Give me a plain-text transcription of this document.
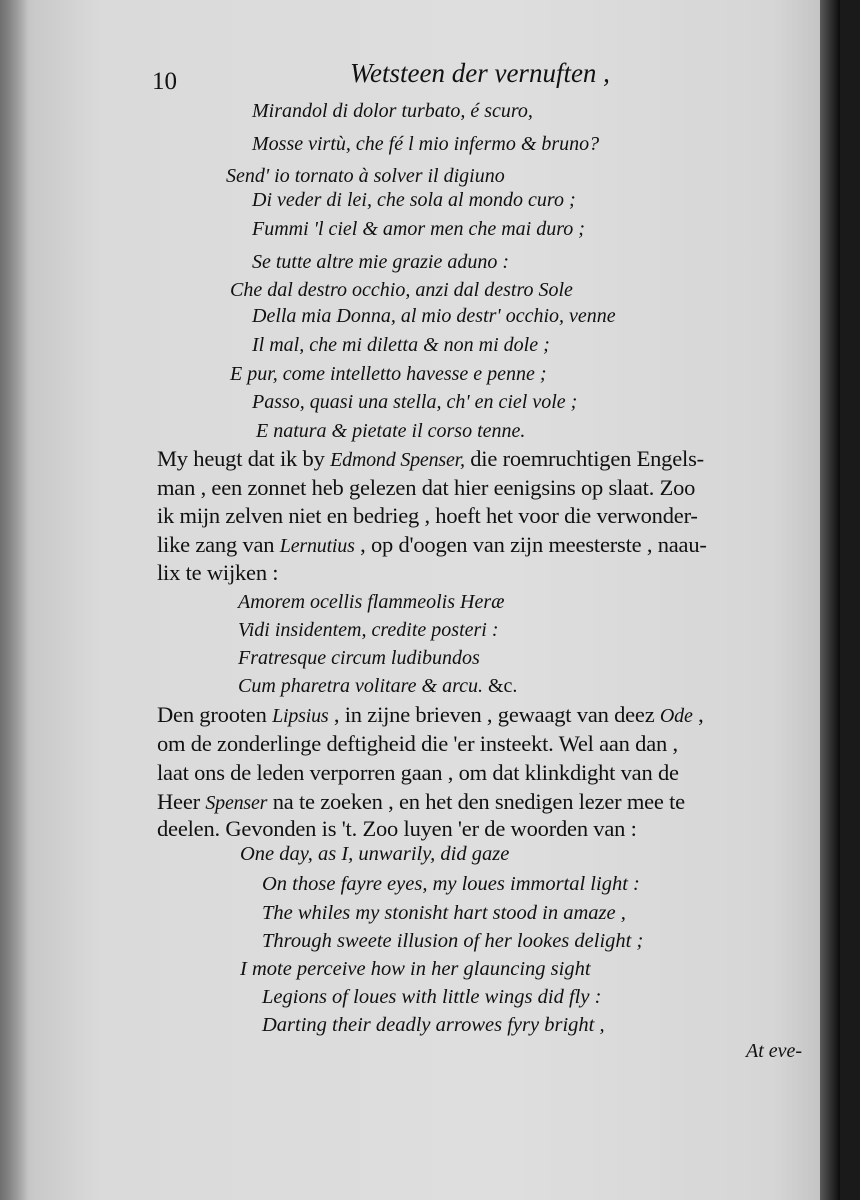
10	Wetsteen der vernuften ,
Mirandol di dolor turbato, é scuro,
Mosse virtù, che fé l mio infermo & bruno?
Send' io tornato à solver il digiuno
Di veder di lei, che sola al mondo curo ;
Fummi 'l ciel & amor men che mai duro ;
Se tutte altre mie grazie aduno :
Che dal destro occhio, anzi dal destro Sole
Della mia Donna, al mio destr' occhio, venne
Il mal, che mi diletta & non mi dole ;
E pur, come intelletto havesse e penne ;
Passo, quasi una stella, ch' en ciel vole ;
E natura & pietate il corso tenne.
My heugt dat ik by Edmond Spenser, die roemruchtigen Engels-
man , een zonnet heb gelezen dat hier eenigsins op slaat. Zoo
ik mijn zelven niet en bedrieg , hoeft het voor die verwonder-
like zang van Lernutius , op d'oogen van zijn meesterste , naau-
lix te wijken :
Amorem ocellis flammeolis Heræ
Vidi insidentem, credite posteri :
Fratresque circum ludibundos
Cum pharetra volitare & arcu. &c.
Den grooten Lipsius , in zijne brieven , gewaagt van deez Ode ,
om de zonderlinge deftigheid die 'er insteekt. Wel aan dan ,
laat ons de leden verporren gaan , om dat klinkdight van de
Heer Spenser na te zoeken , en het den snedigen lezer mee te
deelen. Gevonden is 't. Zoo luyen 'er de woorden van :
One day, as I, unwarily, did gaze
On those fayre eyes, my loues immortal light :
The whiles my stonisht hart stood in amaze ,
Through sweete illusion of her lookes delight ;
I mote perceive how in her glauncing sight
Legions of loues with little wings did fly :
Darting their deadly arrowes fyry bright ,
At eve-
